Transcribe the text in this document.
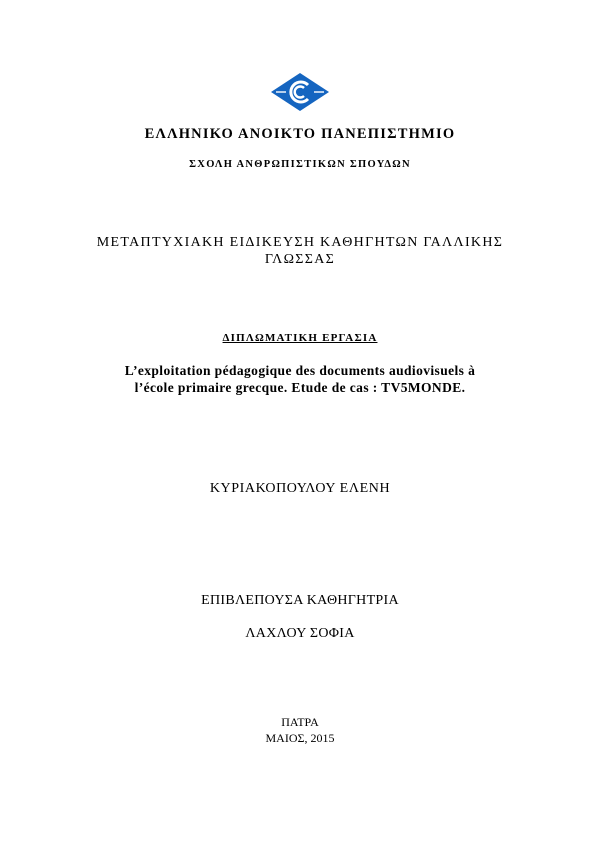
ΕΛΛΗΝΙΚΟ ΑΝΟΙΚΤΟ ΠΑΝΕΠΙΣΤΗΜΙΟ
ΣΧΟΛΗ ΑΝΘΡΩΠΙΣΤΙΚΩΝ ΣΠΟΥΔΩΝ
ΜΕΤΑΠΤΥΧΙΑΚΗ ΕΙΔΙΚΕΥΣΗ ΚΑΘΗΓΗΤΩΝ ΓΑΛΛΙΚΗΣ
ΓΛΩΣΣΑΣ
ΔΙΠΛΩΜΑΤΙΚΗ ΕΡΓΑΣΙΑ
L’exploitation pédagogique des documents audiovisuels à
l’école primaire grecque. Etude de cas : TV5MONDE.
ΚΥΡΙΑΚΟΠΟΥΛΟΥ ΕΛΕΝΗ
ΕΠΙΒΛΕΠΟΥΣΑ ΚΑΘΗΓΗΤΡΙΑ
ΛΑΧΛΟΥ ΣΟΦΙΑ
ΠΑΤΡΑ
ΜΑΙΟΣ, 2015
